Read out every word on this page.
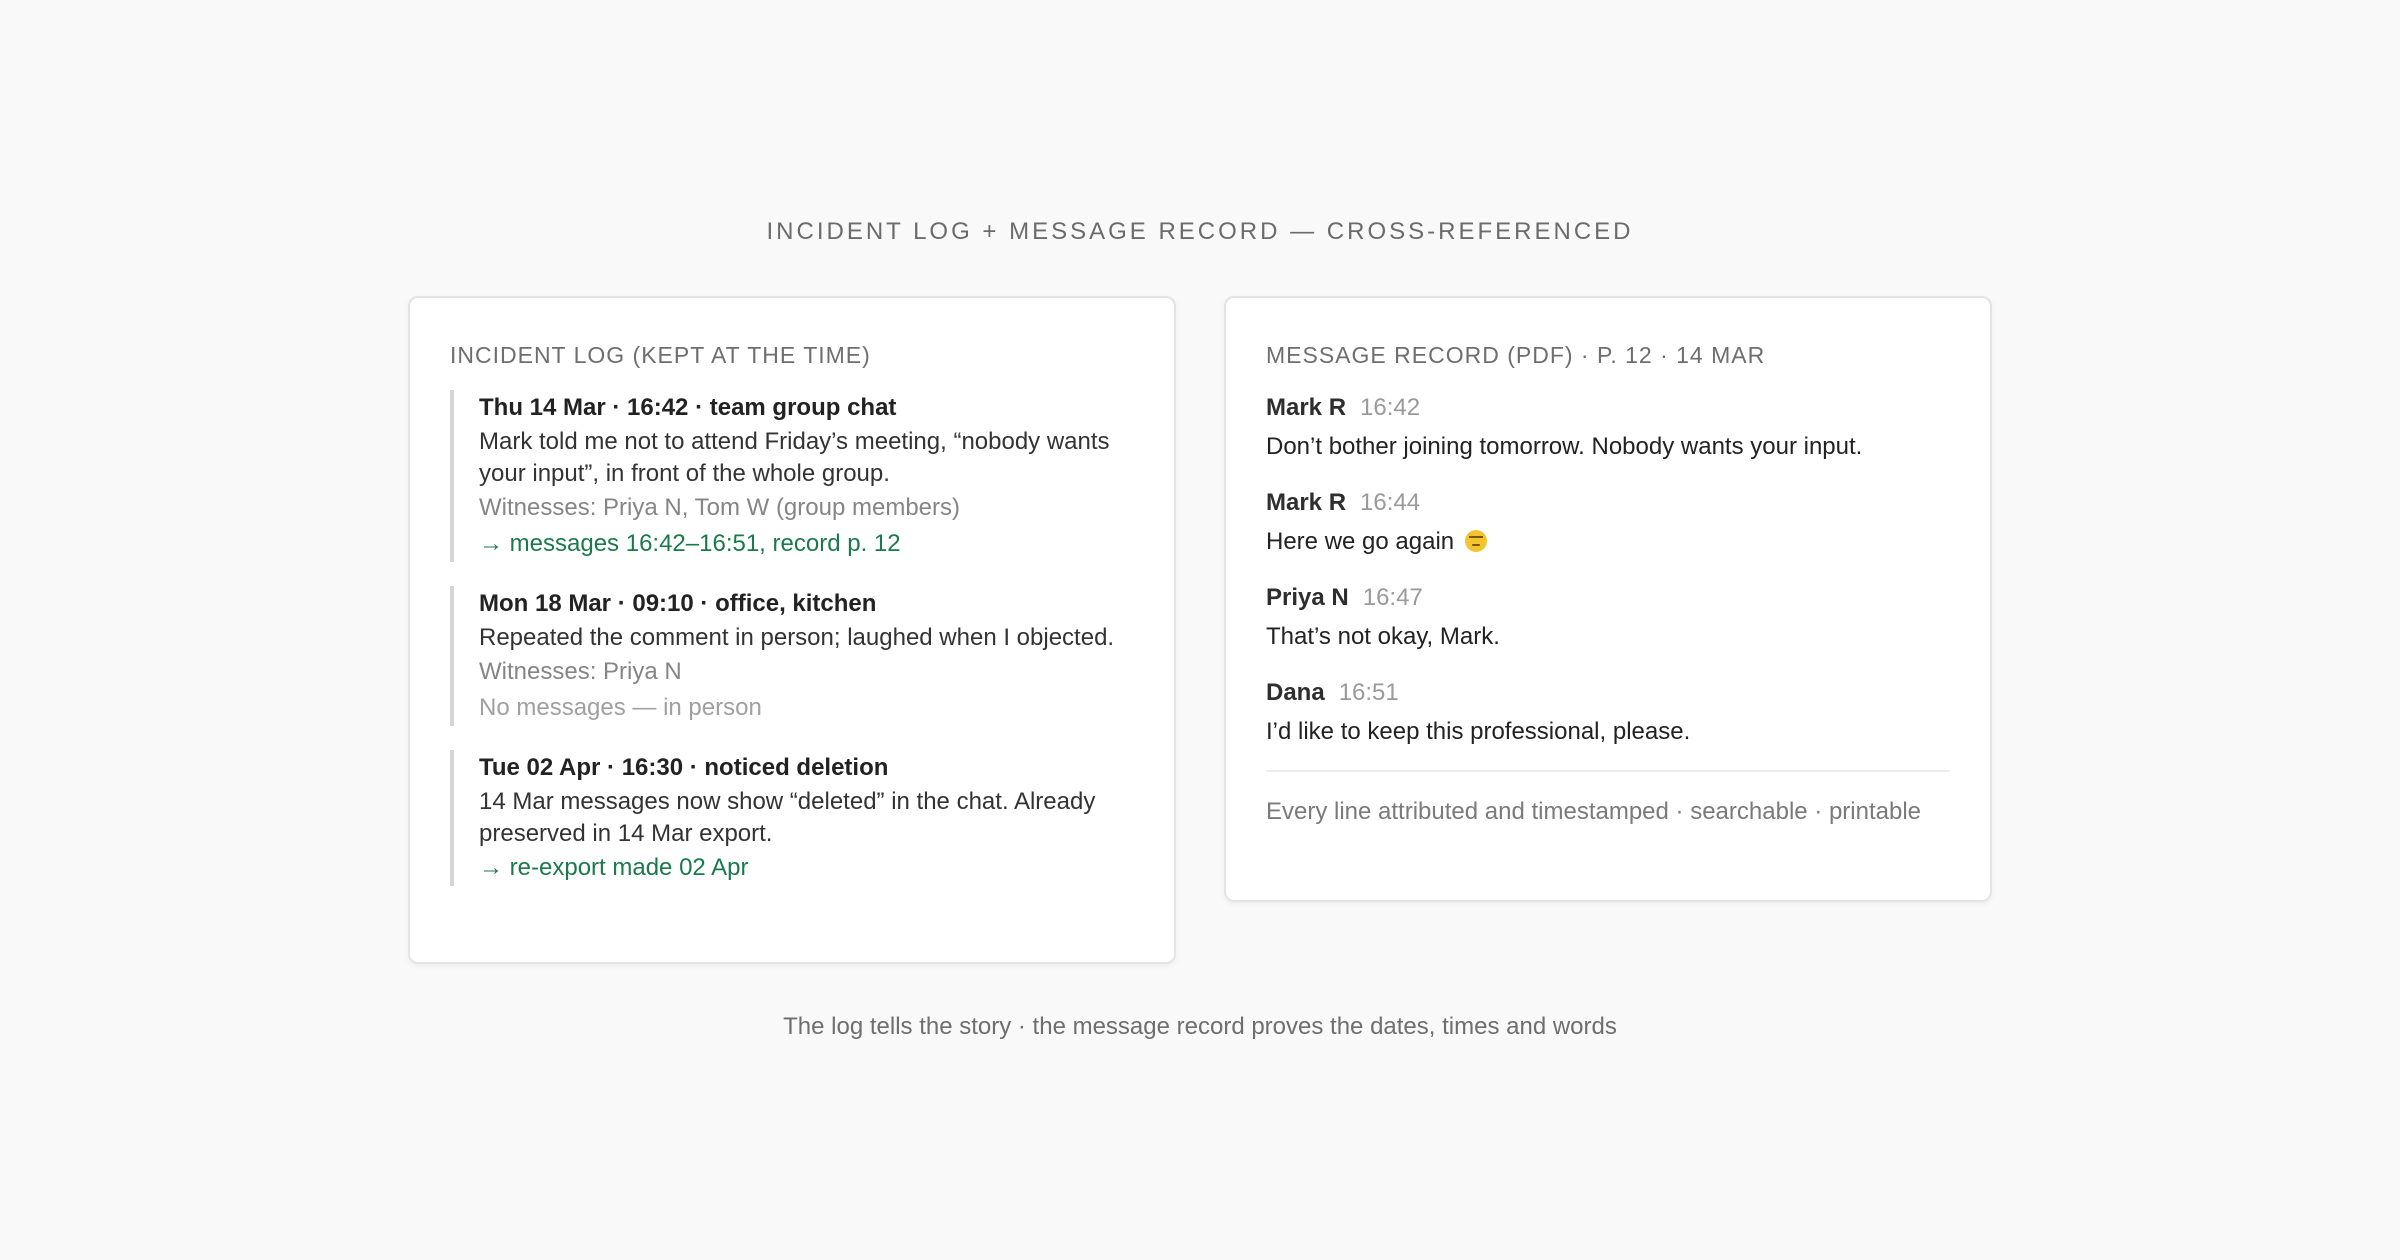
INCIDENT LOG + MESSAGE RECORD — CROSS-REFERENCED
INCIDENT LOG (KEPT AT THE TIME)
Thu 14 Mar · 16:42 · team group chat
Mark told me not to attend Friday’s meeting, “nobody wants your input”, in front of the whole group.
Witnesses: Priya N, Tom W (group members)
→ messages 16:42–16:51, record p. 12
Mon 18 Mar · 09:10 · office, kitchen
Repeated the comment in person; laughed when I objected.
Witnesses: Priya N
No messages — in person
Tue 02 Apr · 16:30 · noticed deletion
14 Mar messages now show “deleted” in the chat. Already preserved in 14 Mar export.
→ re-export made 02 Apr
MESSAGE RECORD (PDF) · P. 12 · 14 MAR
Mark R 16:42
Don’t bother joining tomorrow. Nobody wants your input.
Mark R 16:44
Here we go again
Priya N 16:47
That’s not okay, Mark.
Dana 16:51
I’d like to keep this professional, please.
Every line attributed and timestamped · searchable · printable
The log tells the story · the message record proves the dates, times and words
